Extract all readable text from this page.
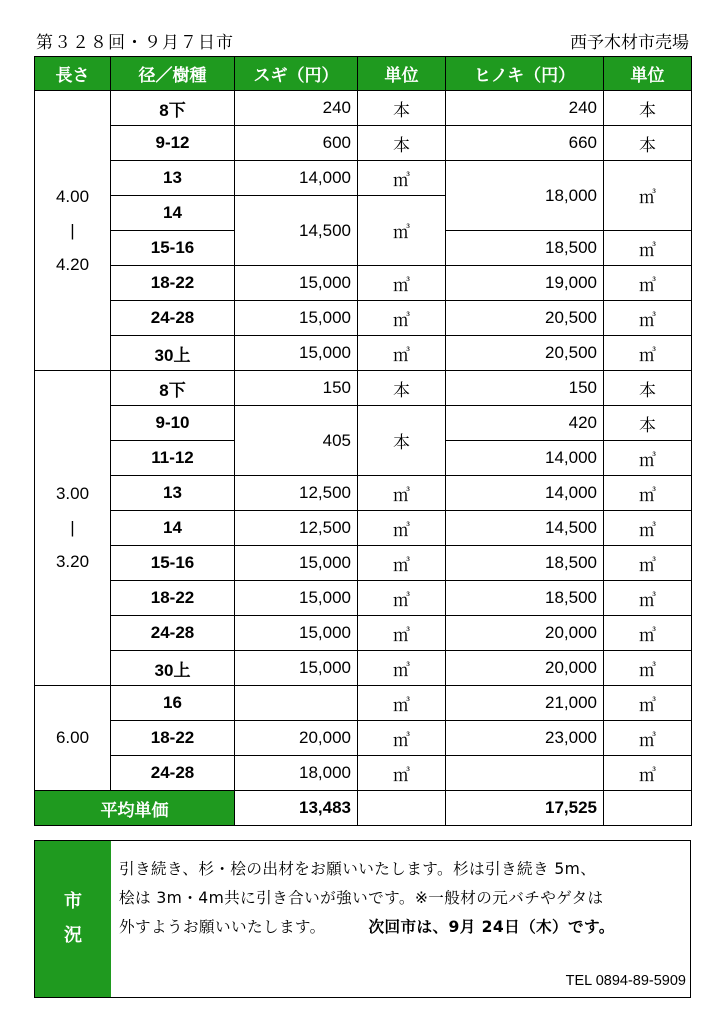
第３２８回・９月７日市	西予木材市売場
長さ	径／樹種	スギ（円）	単位	ヒノキ（円）	単位

4.00
|
4.20	8下	240	本	240	本
	9-12	600	本	660	本
	13	14,000	㎥	18,000	㎥
	14	14,500	㎥		
	15-16			18,500	㎥
	18-22	15,000	㎥	19,000	㎥
	24-28	15,000	㎥	20,500	㎥
	30上	15,000	㎥	20,500	㎥

3.00
|
3.20	8下	150	本	150	本
	9-10	405	本	420	本
	11-12			14,000	㎥
	13	12,500	㎥	14,000	㎥
	14	12,500	㎥	14,500	㎥
	15-16	15,000	㎥	18,500	㎥
	18-22	15,000	㎥	18,500	㎥
	24-28	15,000	㎥	20,000	㎥
	30上	15,000	㎥	20,000	㎥

6.00	16		㎥	21,000	㎥
	18-22	20,000	㎥	23,000	㎥
	24-28	18,000	㎥		㎥
平均単価		13,483		17,525	
市
況
引き続き、杉・桧の出材をお願いいたします。杉は引き続き 5m、
桧は 3m・4m共に引き合いが強いです。※一般材の元バチやゲタは
外すようお願いいたします。	次回市は、9月 24日（木）です。
TEL 0894-89-5909
